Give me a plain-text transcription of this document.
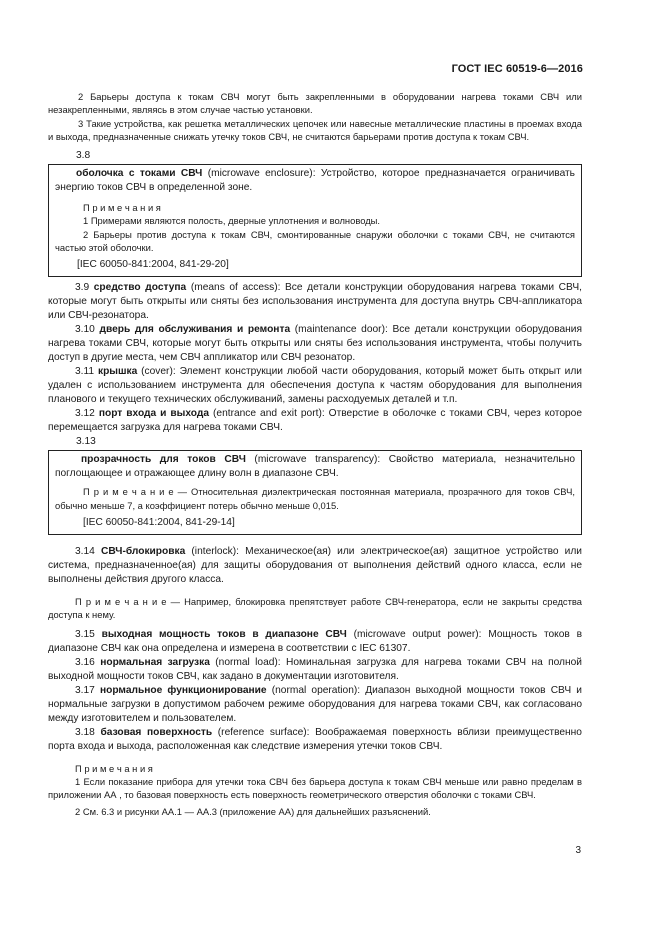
ГОСТ IEC 60519-6—2016

2 Барьеры доступа к токам СВЧ могут быть закрепленными в оборудовании нагрева токами СВЧ или незакрепленными, являясь в этом случае частью установки.

3 Такие устройства, как решетка металлических цепочек или навесные металлические пластины в проемах входа и выхода, предназначенные снижать утечку токов СВЧ, не считаются барьерами против доступа к токам СВЧ.

3.8

оболочка с токами СВЧ (microwave enclosure): Устройство, которое предназначается ограничивать энергию токов СВЧ в определенной зоне.

П р и м е ч а н и я

1 Примерами являются полость, дверные уплотнения и волноводы.

2 Барьеры против доступа к токам СВЧ, смонтированные снаружи оболочки с токами СВЧ, не считаются частью этой оболочки.

[IEC 60050-841:2004, 841-29-20]

3.9 средство доступа (means of access): Все детали конструкции оборудования нагрева токами СВЧ, которые могут быть открыты или сняты без использования инструмента для доступа внутрь СВЧ-аппликатора или СВЧ-резонатора.

3.10 дверь для обслуживания и ремонта (maintenance door): Все детали конструкции оборудования нагрева токами СВЧ, которые могут быть открыты или сняты без использования инструмента, чтобы получить доступ в другие места, чем СВЧ аппликатор или СВЧ резонатор.

3.11 крышка (cover): Элемент конструкции любой части оборудования, который может быть открыт или удален с использованием инструмента для обеспечения доступа к частям оборудования для выполнения планового и текущего технических обслуживаний, замены расходуемых деталей и т.п.

3.12 порт входа и выхода (entrance and exit port): Отверстие в оболочке с токами СВЧ, через которое перемещается загрузка для нагрева токами СВЧ.

3.13

прозрачность для токов СВЧ (microwave transparency): Свойство материала, незначительно поглощающее и отражающее длину волн в диапазоне СВЧ.

П р и м е ч а н и е — Относительная диэлектрическая постоянная материала, прозрачного для токов СВЧ, обычно меньше 7, а коэффициент потерь обычно меньше 0,015.

[IEC 60050-841:2004, 841-29-14]

3.14 СВЧ-блокировка (interlock): Механическое(ая) или электрическое(ая) защитное устройство или система, предназначенное(ая) для защиты оборудования от выполнения действий одного класса, если не выполнены действия другого класса.

П р и м е ч а н и е — Например, блокировка препятствует работе СВЧ-генератора, если не закрыты средства доступа к нему.

3.15 выходная мощность токов в диапазоне СВЧ (microwave output power): Мощность токов в диапазоне СВЧ как она определена и измерена в соответствии с IEC 61307.

3.16 нормальная загрузка (normal load): Номинальная загрузка для нагрева токами СВЧ на полной выходной мощности токов СВЧ, как задано в документации изготовителя.

3.17 нормальное функционирование (normal operation): Диапазон выходной мощности токов СВЧ и нормальные загрузки в допустимом рабочем режиме оборудования для нагрева токами СВЧ, как согласовано между изготовителем и пользователем.

3.18 базовая поверхность (reference surface): Воображаемая поверхность вблизи преимущественно порта входа и выхода, расположенная как следствие измерения утечки токов СВЧ.

П р и м е ч а н и я

1 Если показание прибора для утечки тока СВЧ без барьера доступа к токам СВЧ меньше или равно пределам в приложении АА , то базовая поверхность есть поверхность геометрического отверстия оболочки с токами СВЧ.

2 См. 6.3 и рисунки АА.1 — АА.3 (приложение АА) для дальнейших разъяснений.

3
